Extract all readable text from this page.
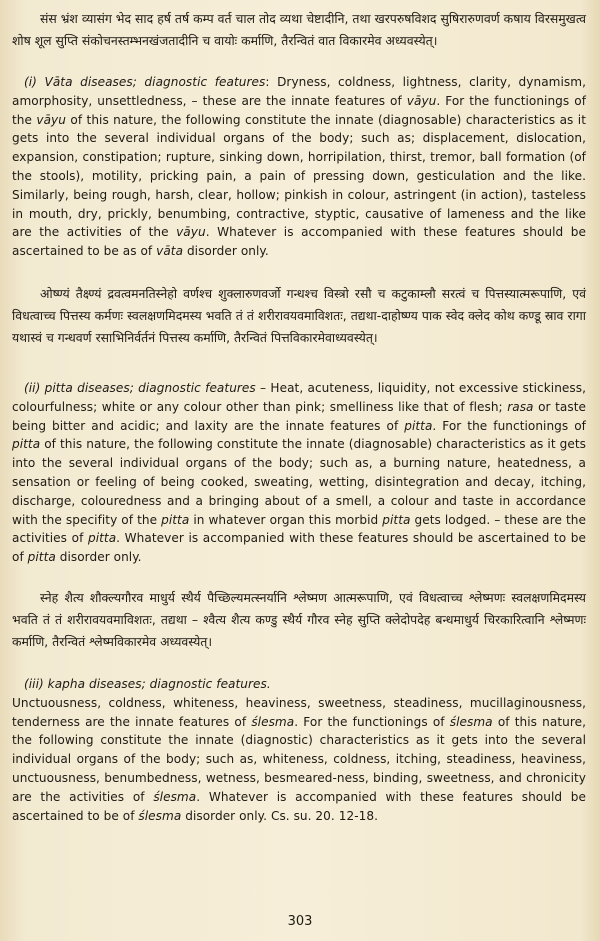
संस भ्रंश व्यासंग भेद साद हर्ष तर्ष कम्प वर्त चाल तोद व्यथा चेष्टादीनि, तथा खरपरुषविशद सुषिरारुणवर्ण कषाय विरसमुखत्व शोष शूल सुप्ति संकोचनस्तम्भनखंजतादीनि च वायोः कर्माणि, तैरन्वितं वात विकारमेव अध्यवस्येत्।

(i) Vāta diseases; diagnostic features: Dryness, coldness, lightness, clarity, dynamism, amorphosity, unsettledness, – these are the innate features of vāyu. For the functionings of the vāyu of this nature, the following constitute the innate (diagnosable) characteristics as it gets into the several individual organs of the body; such as; displacement, dislocation, expansion, constipation; rupture, sinking down, horripilation, thirst, tremor, ball formation (of the stools), motility, pricking pain, a pain of pressing down, gesticulation and the like. Similarly, being rough, harsh, clear, hollow; pinkish in colour, astringent (in action), tasteless in mouth, dry, prickly, benumbing, contractive, styptic, causative of lameness and the like are the activities of the vāyu. Whatever is accompanied with these features should be ascertained to be as of vāta disorder only.

ओष्ण्यं तैक्ष्ण्यं द्रवत्वमनतिस्नेहो वर्णश्च शुक्लारुणवर्जो गन्धश्च विस्त्रो रसौ च कटुकाम्लौ सरत्वं च पित्तस्यात्मरूपाणि, एवं विधत्वाच्च पित्तस्य कर्मणः स्वलक्षणमिदमस्य भवति तं तं शरीरावयवमाविशतः, तद्यथा-दाहोष्ण्य पाक स्वेद क्लेद कोथ कण्डू स्राव रागा यथास्वं च गन्धवर्ण रसाभिनिर्वर्तनं पित्तस्य कर्माणि, तैरन्वितं पित्तविकारमेवाध्यवस्येत्।

(ii) pitta diseases; diagnostic features – Heat, acuteness, liquidity, not excessive stickiness, colourfulness; white or any colour other than pink; smelliness like that of flesh; rasa or taste being bitter and acidic; and laxity are the innate features of pitta. For the functionings of pitta of this nature, the following constitute the innate (diagnosable) characteristics as it gets into the several individual organs of the body; such as, a burning nature, heatedness, a sensation or feeling of being cooked, sweating, wetting, disintegration and decay, itching, discharge, colouredness and a bringing about of a smell, a colour and taste in accordance with the specifity of the pitta in whatever organ this morbid pitta gets lodged. – these are the activities of pitta. Whatever is accompanied with these features should be ascertained to be of pitta disorder only.

स्नेह शैत्य शौक्ल्यगौरव माधुर्य स्थैर्य पैच्छिल्यमत्स्नर्यानि श्लेष्मण आत्मरूपाणि, एवं विधत्वाच्च श्लेष्मणः स्वलक्षणमिदमस्य भवति तं तं शरीरावयवमाविशतः, तद्यथा – श्वैत्य शैत्य कण्डु स्थैर्य गौरव स्नेह सुप्ति क्लेदोपदेह बन्धमाधुर्य चिरकारित्वानि श्लेष्मणः कर्माणि, तैरन्वितं श्लेष्मविकारमेव अध्यवस्येत्।

(iii) kapha diseases; diagnostic features.
Unctuousness, coldness, whiteness, heaviness, sweetness, steadiness, mucillaginousness, tenderness are the innate features of ślesma. For the functionings of ślesma of this nature, the following constitute the innate (diagnostic) characteristics as it gets into the several individual organs of the body; such as, whiteness, coldness, itching, steadiness, heaviness, unctuousness, benumbedness, wetness, besmeared-ness, binding, sweetness, and chronicity are the activities of ślesma. Whatever is accompanied with these features should be ascertained to be of ślesma disorder only. Cs. su. 20. 12-18.

303
